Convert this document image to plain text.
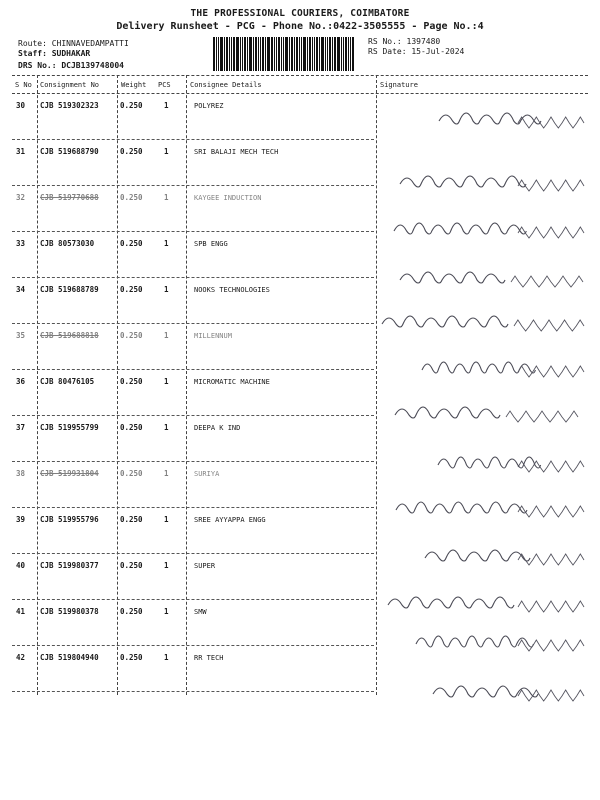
THE PROFESSIONAL COURIERS, COIMBATORE
Delivery Runsheet - PCG - Phone No.:0422-3505555 - Page No.:4
Route: CHINNAVEDAMPATTI
Staff: SUDHAKAR
DRS No.: DCJB139748004
RS No.: 1397480
RS Date: 15-Jul-2024
S No Consignment No	Weight PCS	Consignee Details	Signature
30 CJB 519302323	0.250	1	POLYREZ
31 CJB 519688790	0.250	1	SRI BALAJI MECH TECH
32 CJB 519770688	0.250	1	KAYGEE INDUCTION
33 CJB 80573030	0.250	1	SPB ENGG
34 CJB 519688789	0.250	1	NOOKS TECHNOLOGIES
35 CJB 519688818	0.250	1	MILLENNUM
36 CJB 80476105	0.250	1	MICROMATIC MACHINE
37 CJB 519955799	0.250	1	DEEPA K IND
38 CJB 519931804	0.250	1	SURIYA
39 CJB 519955796	0.250	1	SREE AYYAPPA ENGG
40 CJB 519980377	0.250	1	SUPER
41 CJB 519980378	0.250	1	SMW
42 CJB 519804940	0.250	1	RR TECH
